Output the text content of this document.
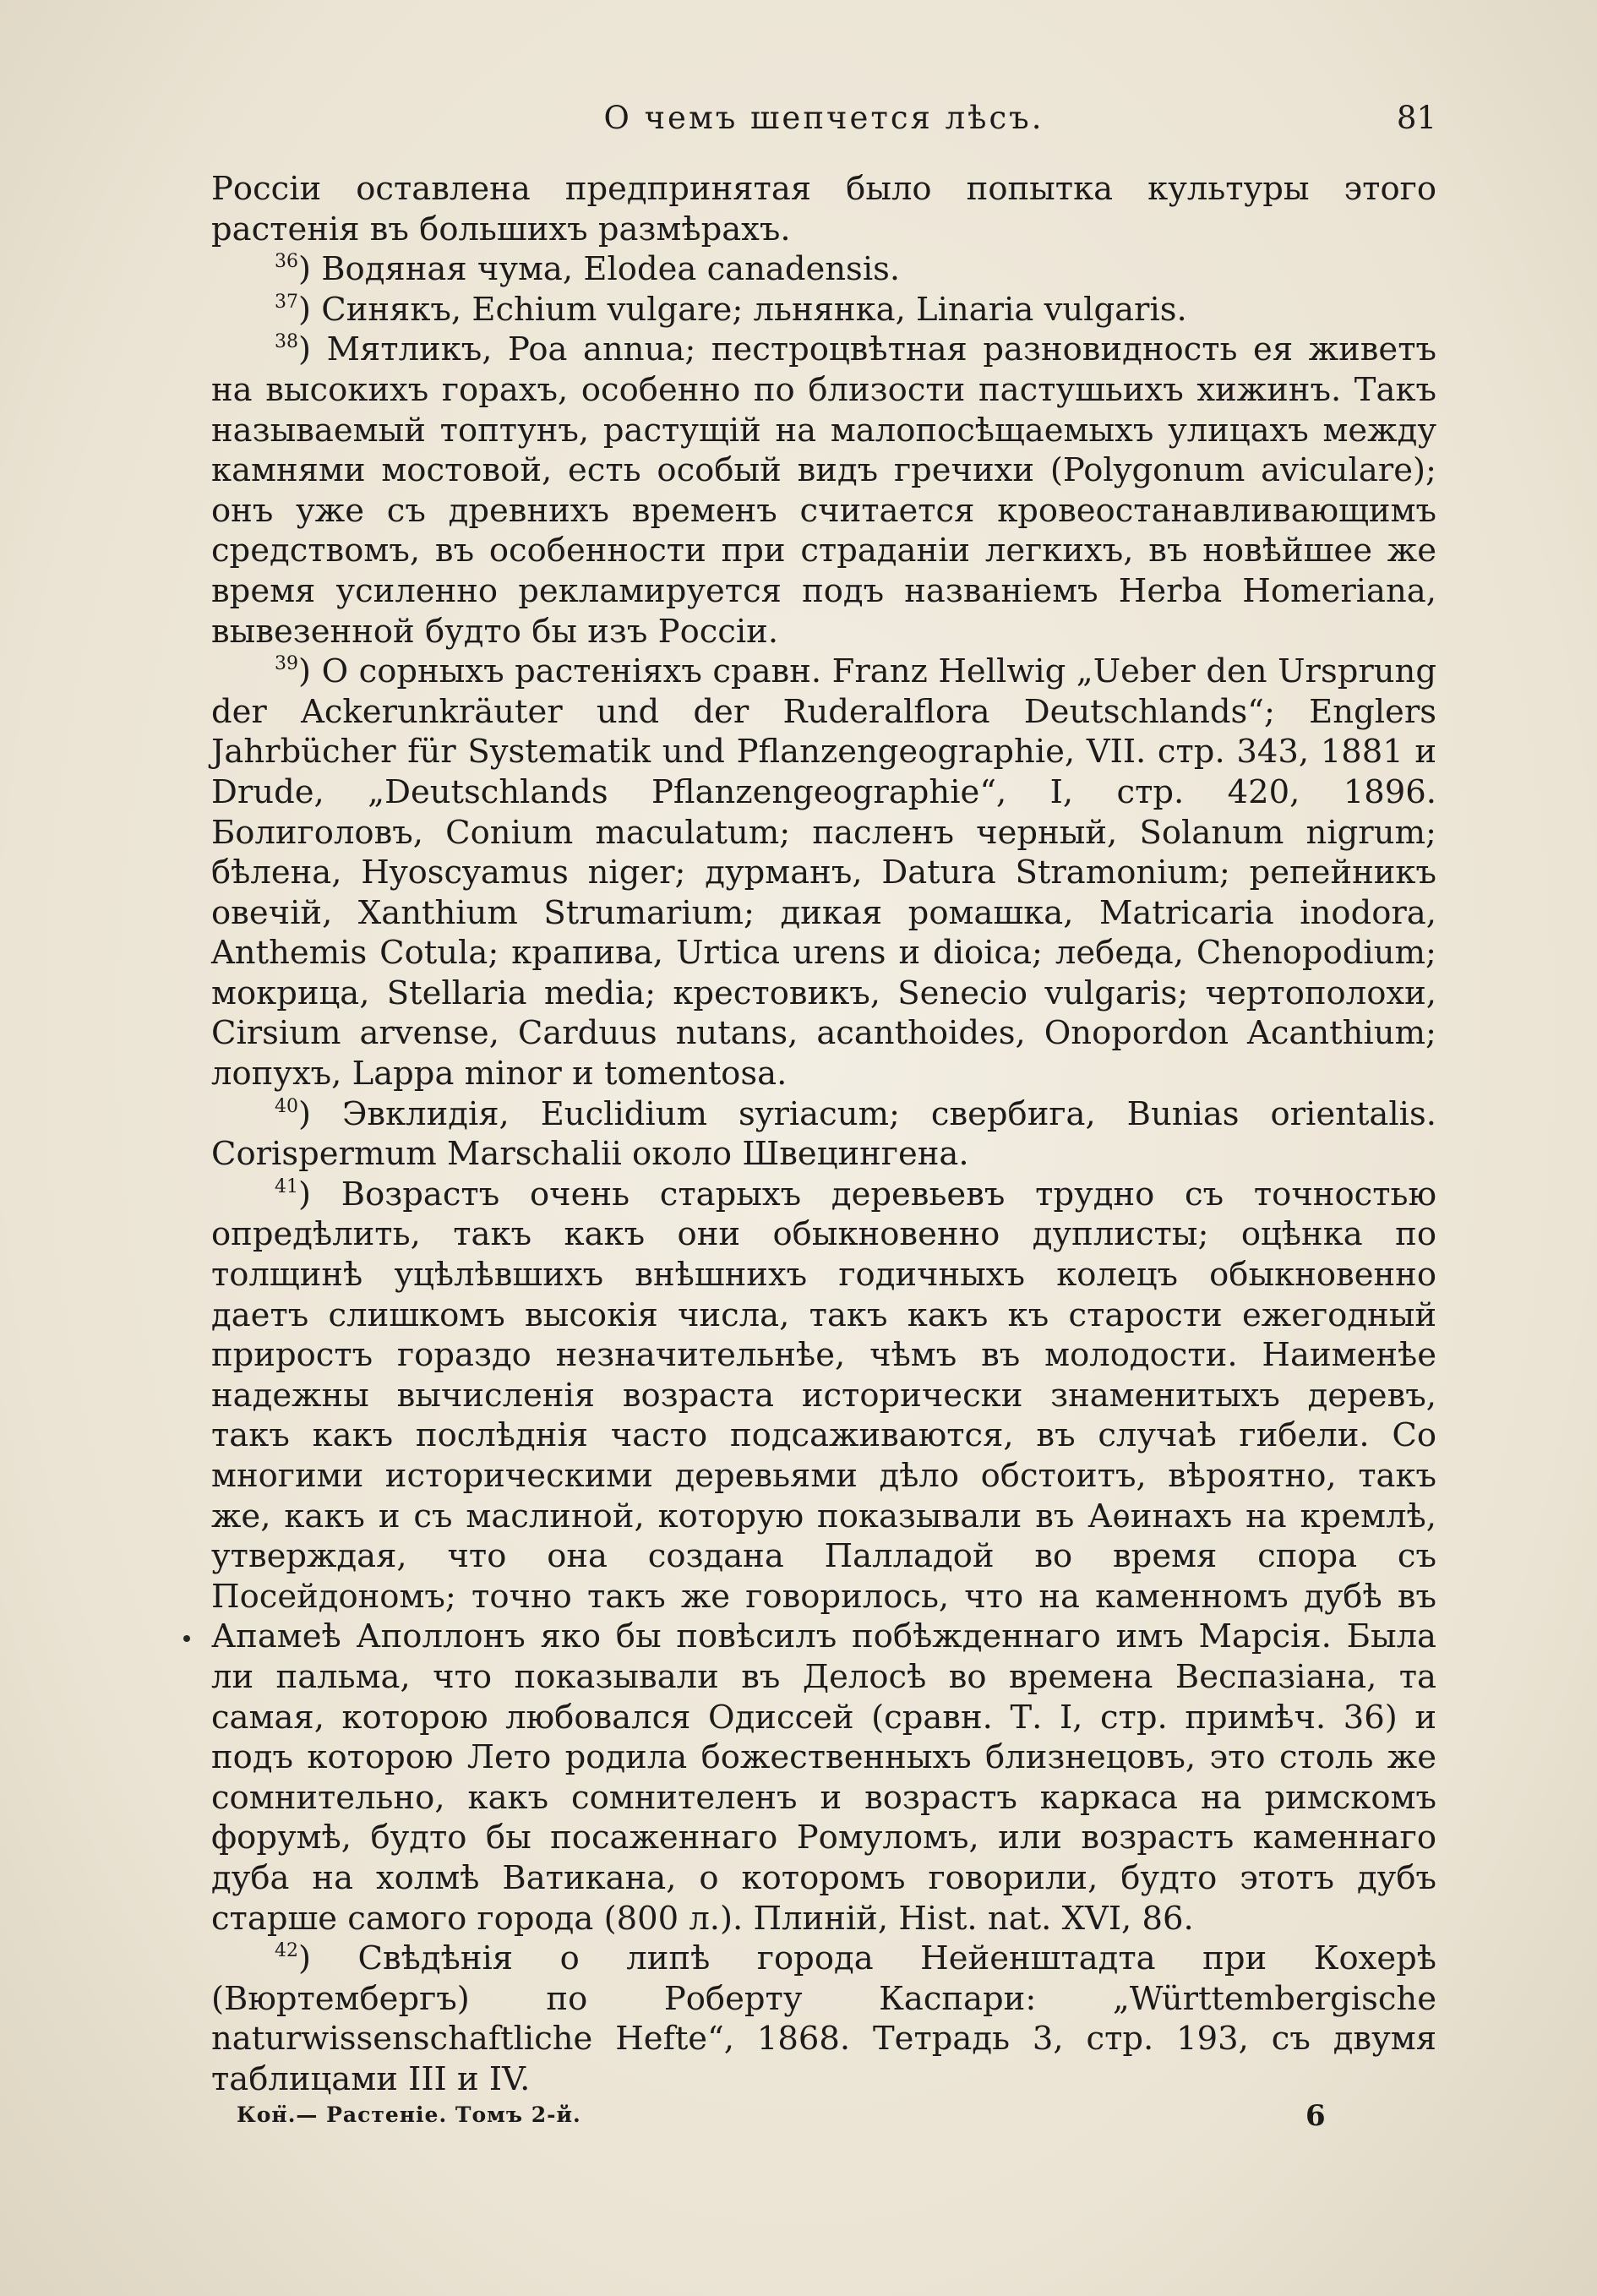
О чемъ шепчется лѣсъ.	81

Россіи оставлена предпринятая было попытка культуры этого растенія въ большихъ размѣрахъ.

$^{36}$) Водяная чума, Elodea canadensis.

$^{37}$) Синякъ, Echium vulgare; льнянка, Linaria vulgaris.

$^{38}$) Мятликъ, Poa annua; пестроцвѣтная разновидность ея живетъ на высокихъ горахъ, особенно по близости пастушьихъ хижинъ. Такъ называемый топтунъ, растущій на малопосѣщаемыхъ улицахъ между камнями мостовой, есть особый видъ гречихи (Polygonum aviculare); онъ уже съ древнихъ временъ считается кровеостанавливающимъ средствомъ, въ особенности при страданіи легкихъ, въ новѣйшее же время усиленно рекламируется подъ названіемъ Herba Homeriana, вывезенной будто бы изъ Россіи.

$^{39}$) О сорныхъ растеніяхъ сравн. Franz Hellwig „Ueber den Ursprung der Ackerunkräuter und der Ruderalflora Deutschlands“; Englers Jahrbücher für Systematik und Pflanzengeographie, VII. стр. 343, 1881 и Drude, „Deutschlands Pflanzengeographie“, I, стр. 420, 1896. Болиголовъ, Conium maculatum; пасленъ черный, Solanum nigrum; бѣлена, Hyoscyamus niger; дурманъ, Datura Stramonium; репейникъ овечій, Xanthium Strumarium; дикая ромашка, Matricaria inodora, Anthemis Cotula; крапива, Urtica urens и dioica; лебеда, Chenopodium; мокрица, Stellaria media; крестовикъ, Senecio vulgaris; чертополохи, Cirsium arvense, Carduus nutans, acanthoides, Onopordon Acanthium; лопухъ, Lappa minor и tomentosa.

$^{40}$) Эвклидія, Euclidium syriacum; свербига, Bunias orientalis. Corispermum Marschalii около Швецингена.

$^{41}$) Возрастъ очень старыхъ деревьевъ трудно съ точностью опредѣлить, такъ какъ они обыкновенно дуплисты; оцѣнка по толщинѣ уцѣлѣвшихъ внѣшнихъ годичныхъ колецъ обыкновенно даетъ слишкомъ высокія числа, такъ какъ къ старости ежегодный приростъ гораздо незначительнѣе, чѣмъ въ молодости. Наименѣе надежны вычисленія возраста исторически знаменитыхъ деревъ, такъ какъ послѣднія часто подсаживаются, въ случаѣ гибели. Со многими историческими деревьями дѣло обстоитъ, вѣроятно, такъ же, какъ и съ маслиной, которую показывали въ Аѳинахъ на кремлѣ, утверждая, что она создана Палладой во время спора съ Посейдономъ; точно такъ же говорилось, что на каменномъ дубѣ въ Апамеѣ Аполлонъ яко бы повѣсилъ побѣжденнаго имъ Марсія. Была ли пальма, что показывали въ Делосѣ во времена Веспазіана, та самая, которою любовался Одиссей (сравн. Т. I, стр. примѣч. 36) и подъ которою Лето родила божественныхъ близнецовъ, это столь же сомнительно, какъ сомнителенъ и возрастъ каркаса на римскомъ форумѣ, будто бы посаженнаго Ромуломъ, или возрастъ каменнаго дуба на холмѣ Ватикана, о которомъ говорили, будто этотъ дубъ старше самого города (800 л.). Плиній, Hist. nat. XVI, 86.

$^{42}$) Свѣдѣнія о липѣ города Нейенштадта при Кохерѣ (Вюртембергъ) по Роберту Каспари: „Württembergische naturwissenschaftliche Hefte“, 1868. Тетрадь 3, стр. 193, съ двумя таблицами III и IV.

Кон̈.— Растеніе. Томъ 2-й.	6
